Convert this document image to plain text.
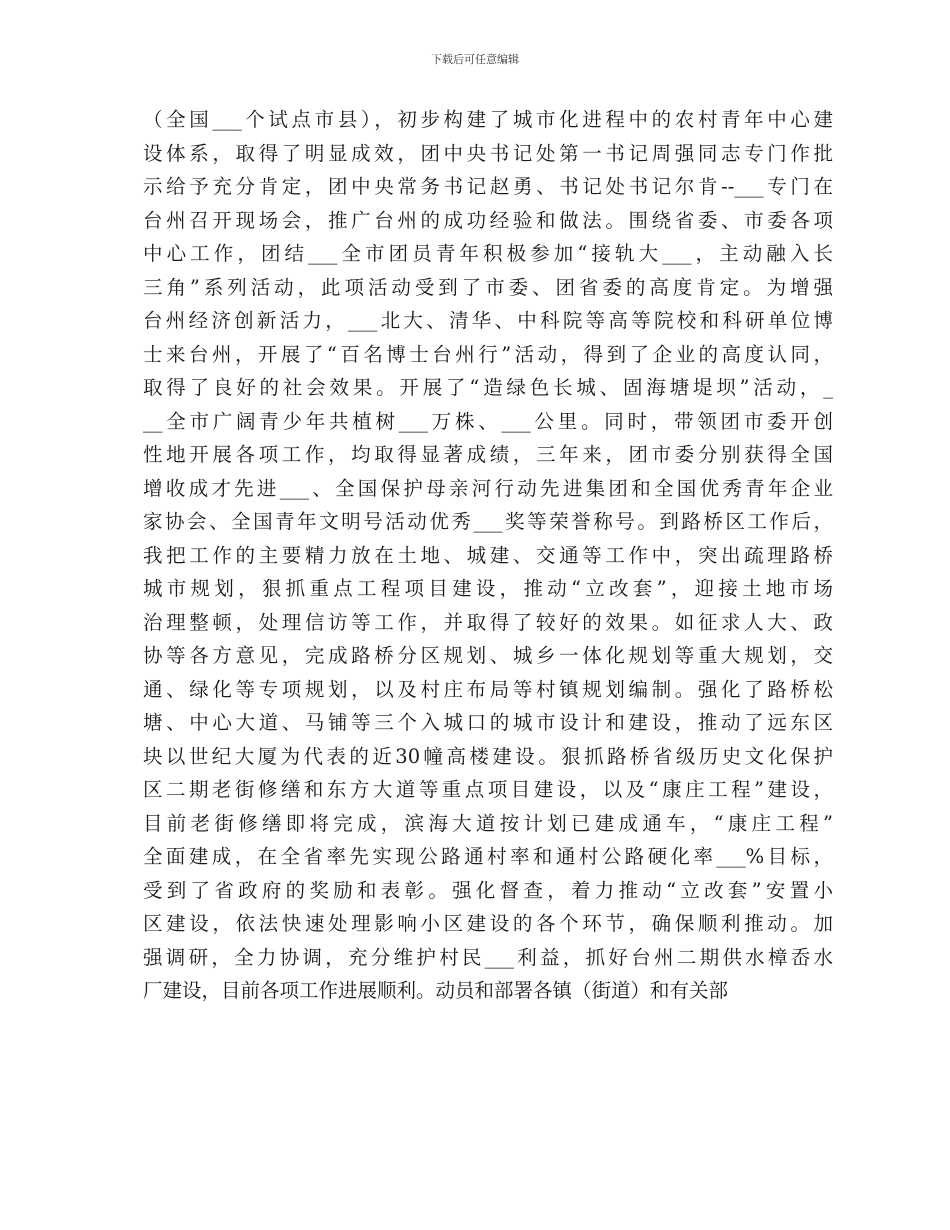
下载后可任意编辑
（全国___个试点市县），初步构建了城市化进程中的农村青年中心建
设体系，取得了明显成效，团中央书记处第一书记周强同志专门作批
示给予充分肯定，团中央常务书记赵勇、书记处书记尔肯--___专门在
台州召开现场会，推广台州的成功经验和做法。围绕省委、市委各项
中心工作，团结___全市团员青年积极参加“接轨大___，主动融入长
三角”系列活动，此项活动受到了市委、团省委的高度肯定。为增强
台州经济创新活力，___北大、清华、中科院等高等院校和科研单位博
士来台州，开展了“百名博士台州行”活动，得到了企业的高度认同，
取得了良好的社会效果。开展了“造绿色长城、固海塘堤坝”活动，_
__全市广阔青少年共植树___万株、___公里。同时，带领团市委开创
性地开展各项工作，均取得显著成绩，三年来，团市委分别获得全国
增收成才先进___、全国保护母亲河行动先进集团和全国优秀青年企业
家协会、全国青年文明号活动优秀___奖等荣誉称号。到路桥区工作后，
我把工作的主要精力放在土地、城建、交通等工作中，突出疏理路桥
城市规划，狠抓重点工程项目建设，推动“立改套”，迎接土地市场
治理整顿，处理信访等工作，并取得了较好的效果。如征求人大、政
协等各方意见，完成路桥分区规划、城乡一体化规划等重大规划，交
通、绿化等专项规划，以及村庄布局等村镇规划编制。强化了路桥松
塘、中心大道、马铺等三个入城口的城市设计和建设，推动了远东区
块以世纪大厦为代表的近30幢高楼建设。狠抓路桥省级历史文化保护
区二期老街修缮和东方大道等重点项目建设，以及“康庄工程”建设，
目前老街修缮即将完成，滨海大道按计划已建成通车，“康庄工程”
全面建成，在全省率先实现公路通村率和通村公路硬化率___%目标，
受到了省政府的奖励和表彰。强化督查，着力推动“立改套”安置小
区建设，依法快速处理影响小区建设的各个环节，确保顺利推动。加
强调研，全力协调，充分维护村民___利益，抓好台州二期供水樟岙水
厂建设，目前各项工作进展顺利。动员和部署各镇（街道）和有关部
